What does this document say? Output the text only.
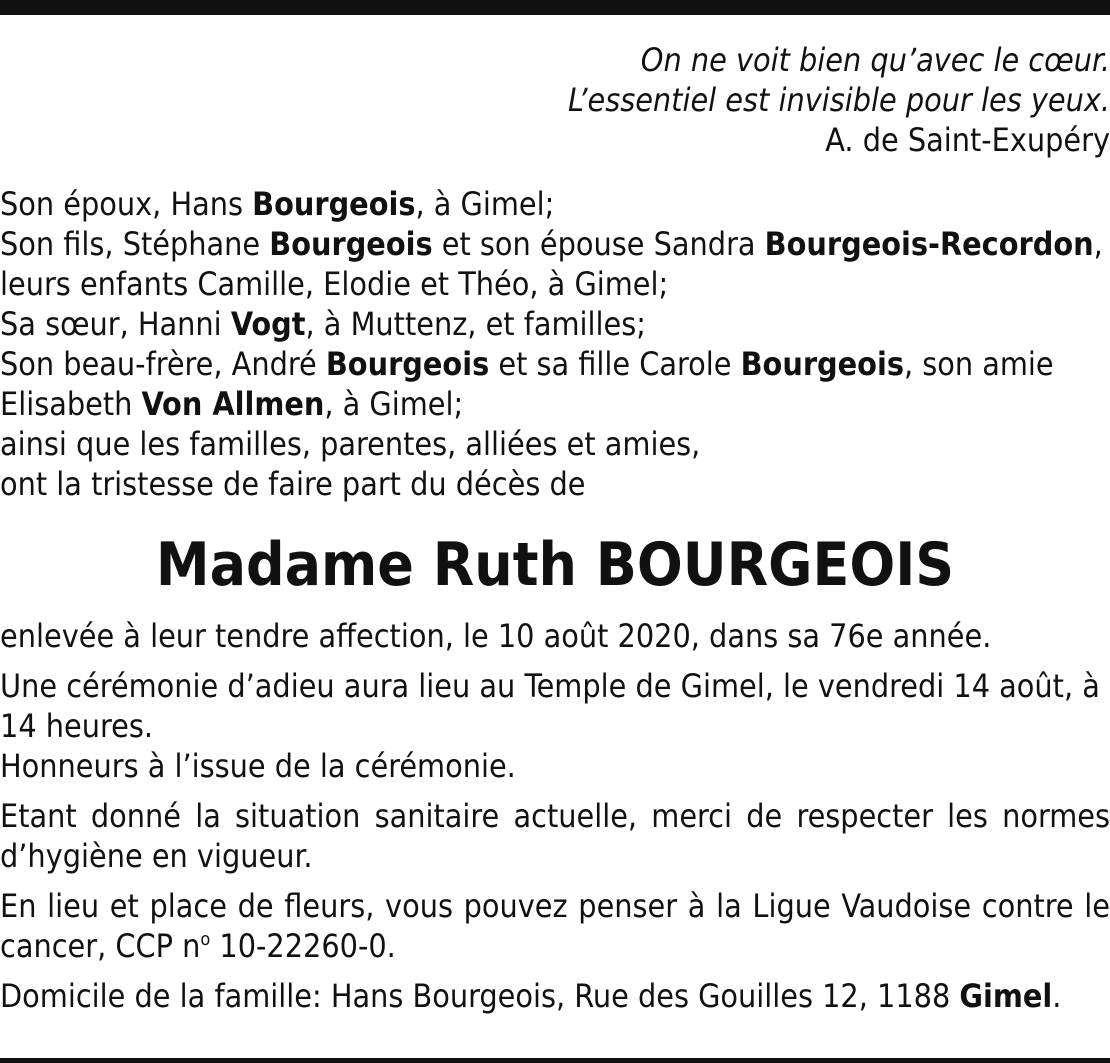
On ne voit bien qu’avec le cœur.

L’essentiel est invisible pour les yeux.

A. de Saint-Exupéry

Son époux, Hans Bourgeois, à Gimel;

Son fils, Stéphane Bourgeois et son épouse Sandra Bourgeois-Recordon,

leurs enfants Camille, Elodie et Théo, à Gimel;

Sa sœur, Hanni Vogt, à Muttenz, et familles;

Son beau-frère, André Bourgeois et sa fille Carole Bourgeois, son amie

Elisabeth Von Allmen, à Gimel;

ainsi que les familles, parentes, alliées et amies,

ont la tristesse de faire part du décès de

Madame Ruth BOURGEOIS

enlevée à leur tendre affection, le 10 août 2020, dans sa 76e année.

Une cérémonie d’adieu aura lieu au Temple de Gimel, le vendredi 14 août, à 14 heures.

Honneurs à l’issue de la cérémonie.

Etant donné la situation sanitaire actuelle, merci de respecter les normes d’hygiène en vigueur.

En lieu et place de fleurs, vous pouvez penser à la Ligue Vaudoise contre le cancer, CCP $n^o$ 10-22260-0.

Domicile de la famille: Hans Bourgeois, Rue des Gouilles 12, 1188 Gimel.
